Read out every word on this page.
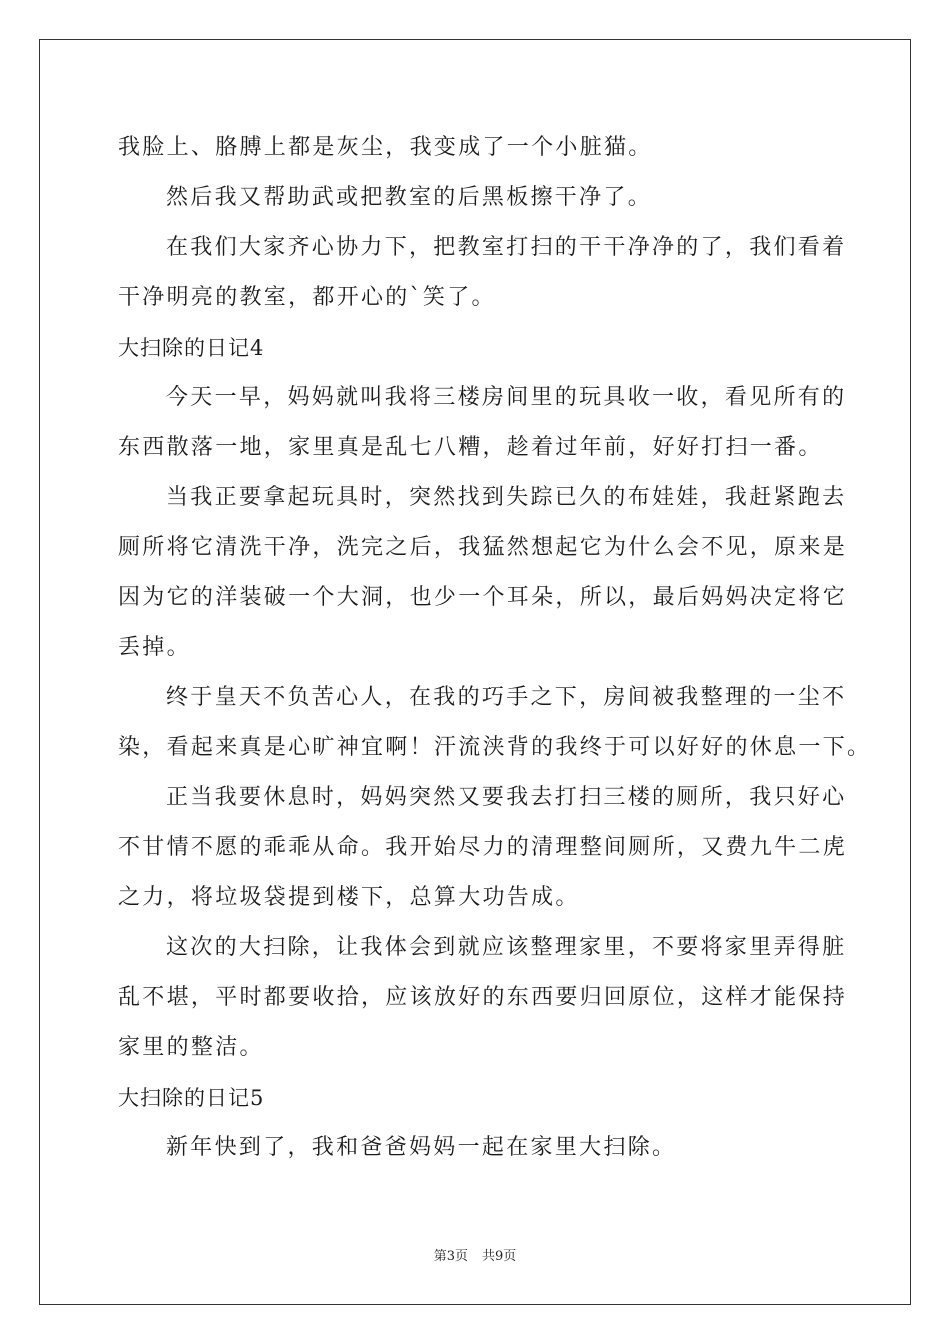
我脸上、胳膊上都是灰尘，我变成了一个小脏猫。

然后我又帮助武或把教室的后黑板擦干净了。

在我们大家齐心协力下，把教室打扫的干干净净的了，我们看着

干净明亮的教室，都开心的`笑了。

大扫除的日记4

今天一早，妈妈就叫我将三楼房间里的玩具收一收，看见所有的

东西散落一地，家里真是乱七八糟，趁着过年前，好好打扫一番。

当我正要拿起玩具时，突然找到失踪已久的布娃娃，我赶紧跑去

厕所将它清洗干净，洗完之后，我猛然想起它为什么会不见，原来是

因为它的洋装破一个大洞，也少一个耳朵，所以，最后妈妈决定将它

丢掉。

终于皇天不负苦心人，在我的巧手之下，房间被我整理的一尘不

染，看起来真是心旷神宜啊！汗流浃背的我终于可以好好的休息一下。

正当我要休息时，妈妈突然又要我去打扫三楼的厕所，我只好心

不甘情不愿的乖乖从命。我开始尽力的清理整间厕所，又费九牛二虎

之力，将垃圾袋提到楼下，总算大功告成。

这次的大扫除，让我体会到就应该整理家里，不要将家里弄得脏

乱不堪，平时都要收拾，应该放好的东西要归回原位，这样才能保持

家里的整洁。

大扫除的日记5

新年快到了，我和爸爸妈妈一起在家里大扫除。

第3页 共9页
